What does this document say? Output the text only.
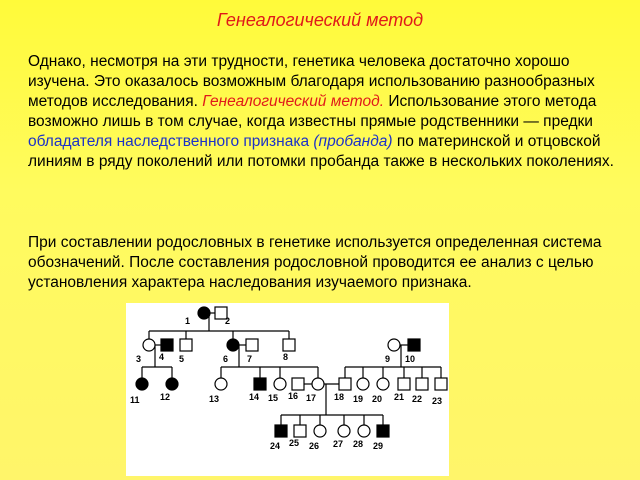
Генеалогический метод

Однако, несмотря на эти трудности, генетика человека достаточно хорошо изучена. Это оказалось возможным благодаря использованию разнообразных методов исследования. Генеалогический метод. Использование этого метода возможно лишь в том случае, когда известны прямые родственники — предки обладателя наследственного признака (пробанда) по материнской и отцовской линиям в ряду поколений или потомки пробанда также в нескольких поколениях.

При составлении родословных в генетике используется определенная система обозначений. После составления родословной проводится ее анализ с целью установления характера наследования изучаемого признака.

1	2
3 4 5	6 7	8	9 10
11 12	13	14 15 16 17 18 19 20 21 22 23
24 25 26 27 28 29
